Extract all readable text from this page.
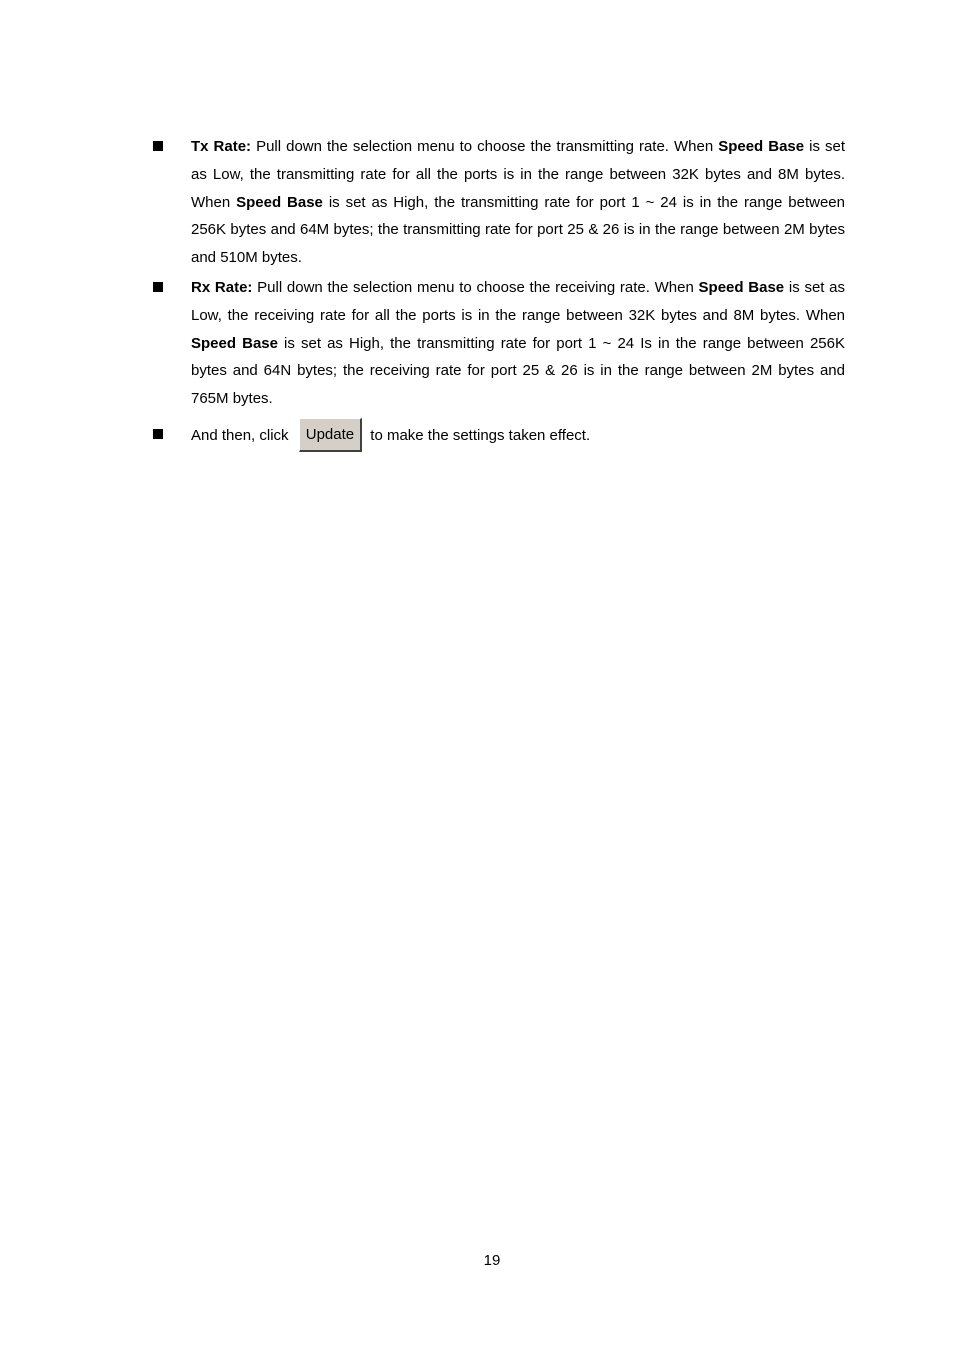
Tx Rate: Pull down the selection menu to choose the transmitting rate. When Speed Base is set as Low, the transmitting rate for all the ports is in the range between 32K bytes and 8M bytes. When Speed Base is set as High, the transmitting rate for port 1 ~ 24 is in the range between 256K bytes and 64M bytes; the transmitting rate for port 25 & 26 is in the range between 2M bytes and 510M bytes.
Rx Rate: Pull down the selection menu to choose the receiving rate. When Speed Base is set as Low, the receiving rate for all the ports is in the range between 32K bytes and 8M bytes. When Speed Base is set as High, the transmitting rate for port 1 ~ 24 Is in the range between 256K bytes and 64N bytes; the receiving rate for port 25 & 26 is in the range between 2M bytes and 765M bytes.
And then, click Update to make the settings taken effect.
19
